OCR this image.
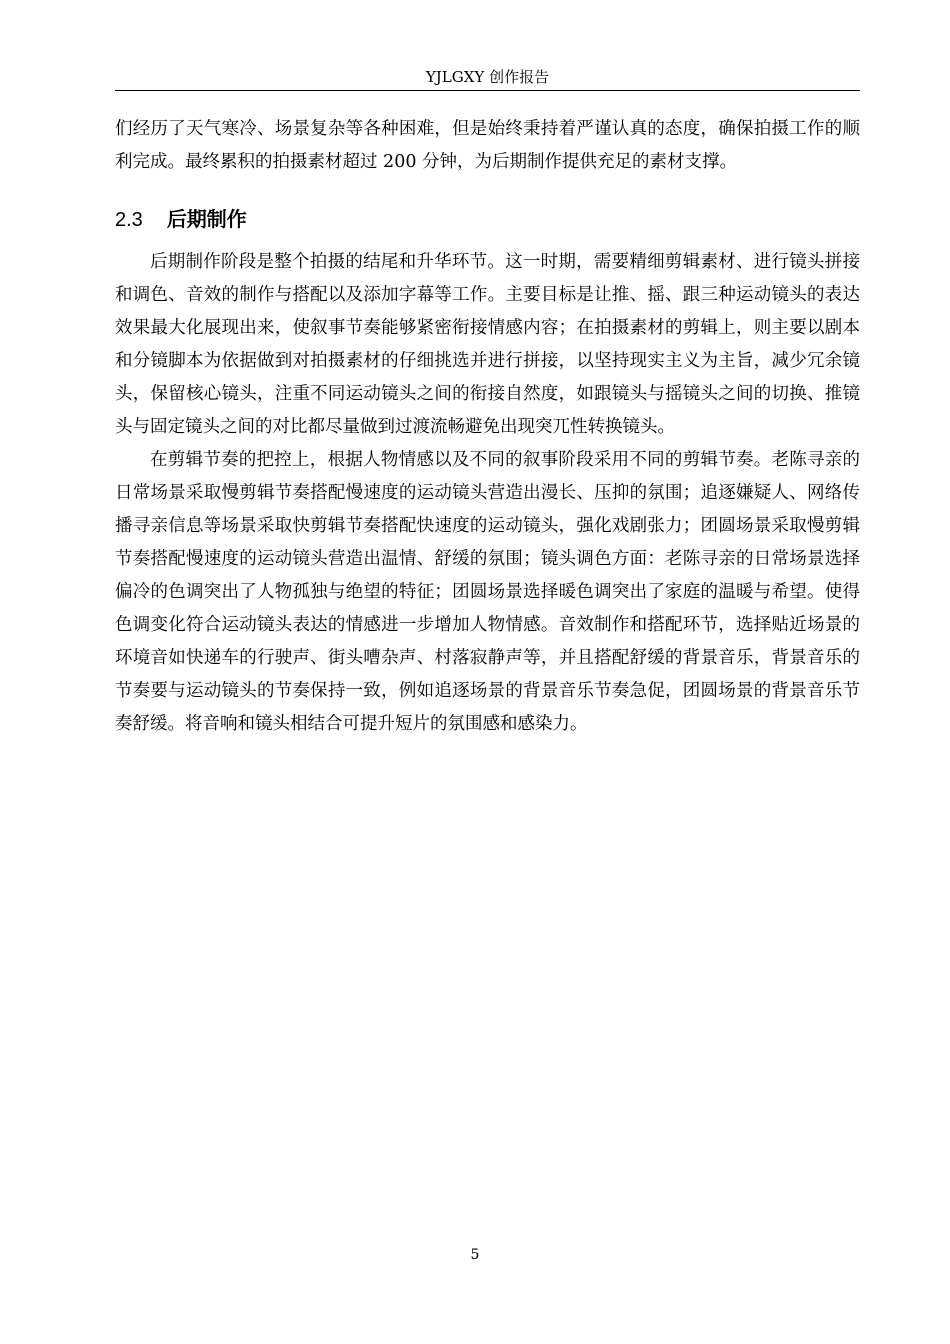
YJLGXY 创作报告

们经历了天气寒冷、场景复杂等各种困难，但是始终秉持着严谨认真的态度，确保拍摄工作的顺利完成。最终累积的拍摄素材超过 200 分钟，为后期制作提供充足的素材支撑。

2.3 后期制作

后期制作阶段是整个拍摄的结尾和升华环节。这一时期，需要精细剪辑素材、进行镜头拼接和调色、音效的制作与搭配以及添加字幕等工作。主要目标是让推、摇、跟三种运动镜头的表达效果最大化展现出来，使叙事节奏能够紧密衔接情感内容；在拍摄素材的剪辑上，则主要以剧本和分镜脚本为依据做到对拍摄素材的仔细挑选并进行拼接，以坚持现实主义为主旨，减少冗余镜头，保留核心镜头，注重不同运动镜头之间的衔接自然度，如跟镜头与摇镜头之间的切换、推镜头与固定镜头之间的对比都尽量做到过渡流畅避免出现突兀性转换镜头。

在剪辑节奏的把控上，根据人物情感以及不同的叙事阶段采用不同的剪辑节奏。老陈寻亲的日常场景采取慢剪辑节奏搭配慢速度的运动镜头营造出漫长、压抑的氛围；追逐嫌疑人、网络传播寻亲信息等场景采取快剪辑节奏搭配快速度的运动镜头，强化戏剧张力；团圆场景采取慢剪辑节奏搭配慢速度的运动镜头营造出温情、舒缓的氛围；镜头调色方面：老陈寻亲的日常场景选择偏冷的色调突出了人物孤独与绝望的特征；团圆场景选择暖色调突出了家庭的温暖与希望。使得色调变化符合运动镜头表达的情感进一步增加人物情感。音效制作和搭配环节，选择贴近场景的环境音如快递车的行驶声、街头嘈杂声、村落寂静声等，并且搭配舒缓的背景音乐，背景音乐的节奏要与运动镜头的节奏保持一致，例如追逐场景的背景音乐节奏急促，团圆场景的背景音乐节奏舒缓。将音响和镜头相结合可提升短片的氛围感和感染力。

5
